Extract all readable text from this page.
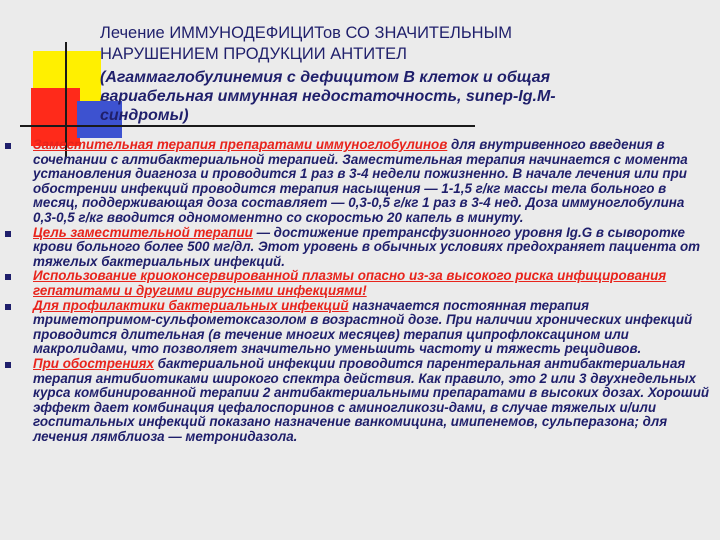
Лечение ИММУНОДЕФИЦИТов СО ЗНАЧИТЕЛЬНЫМ
НАРУШЕНИЕМ ПРОДУКЦИИ АНТИТЕЛ
(Агаммаглобулинемия с дефицитом В клеток и общая
вариабельная иммунная недостаточность, sunep-Ig.M-
синдромы)
Заместительная терапия препаратами иммуноглобулинов для внутривенного введения в сочетании с алтибактериальной терапией. Заместительная терапия начинается с момента установления диагноза и проводится 1 раз в 3-4 недели пожизненно. В начале лечения или при обострении инфекций проводится терапия насыщения — 1-1,5 г/кг массы тела больного в месяц, поддерживающая доза составляет — 0,3-0,5 г/кг 1 раз в 3-4 нед. Доза иммуноглобулина 0,3-0,5 г/кг вводится одномоментно со скоростью 20 капель в минуту.
Цель заместительной терапии — достижение претрансфузионного уровня Ig.G в сыворотке крови больного более 500 мг/дл. Этот уровень в обычных условиях предохраняет пациента от тяжелых бактериальных инфекций.
Использование криоконсервированной плазмы опасно из-за высокого риска инфицирования гепатитами и другими вирусными инфекциями!
Для профилактики бактериальных инфекций назначается постоянная терапия триметопримом-сульфометоксазолом в возрастной дозе. При наличии хронических инфекций проводится длительная (в течение многих месяцев) терапия ципрофлоксацином или макролидами, что позволяет значительно уменьшить частоту и тяжесть рецидивов.
При обострениях бактериальной инфекции проводится парентеральная антибактериальная терапия антибиотиками широкого спектра действия. Как правило, это 2 или 3 двухнедельных курса комбинированной терапии 2 антибактериальными препаратами в высоких дозах. Хороший эффект дает комбинация цефалоспоринов с аминогликози-дами, в случае тяжелых и/или госпитальных инфекций показано назначение ванкомицина, имипенемов, сульперазона; для лечения лямблиоза — метронидазола.
